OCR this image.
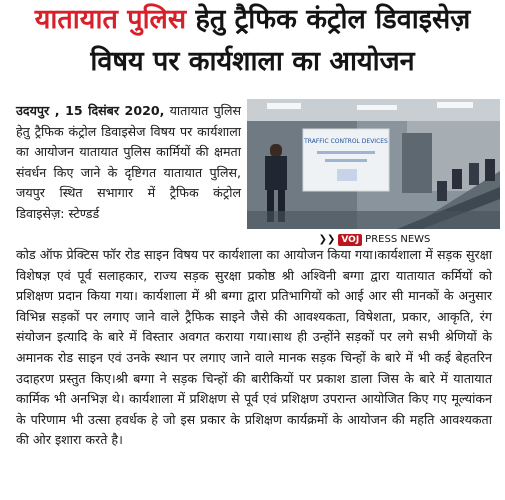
यातायात पुलिस हेतु ट्रैफिक कंट्रोल डिवाइसेज़
विषय पर कार्यशाला का आयोजन
TRAFFIC CONTROL DEVICES
❯❯ VOJ PRESS NEWS
उदयपुर , 15 दिसंबर 2020, यातायात पुलिस हेतु ट्रैफिक कंट्रोल डिवाइसेज विषय पर कार्यशाला का आयोजन यातायात पुलिस कार्मियों की क्षमता संवर्धन किए जाने के दृष्टिगत यातायात पुलिस, जयपुर स्थित सभागार में ट्रैफिक कंट्रोल डिवाइसेज़: स्टेण्डर्ड
कोड ऑफ प्रेक्टिस फॉर रोड साइन विषय पर कार्यशाला का आयोजन किया गया।कार्यशाला में सड़क सुरक्षा विशेषज्ञ एवं पूर्व सलाहकार, राज्य सड़क सुरक्षा प्रकोष्ठ श्री अश्विनी बग्गा द्वारा यातायात कर्मियों को प्रशिक्षण प्रदान किया गया। कार्यशाला में श्री बग्गा द्वारा प्रतिभागियों को आई आर सी मानकों के अनुसार विभिन्न सड़कों पर लगाए जाने वाले ट्रैफिक साइने जैसे की आवश्यकता, विषेशता, प्रकार, आकृति, रंग संयोजन इत्यादि के बारे में विस्तार अवगत कराया गया।साथ ही उन्होंने सड़कों पर लगे सभी श्रेणियों के अमानक रोड साइन एवं उनके स्थान पर लगाए जाने वाले मानक सड़क चिन्हों के बारे में भी कई बेहतरिन उदाहरण प्रस्तुत किए।श्री बग्गा ने सड़क चिन्हों की बारीकियों पर प्रकाश डाला जिस के बारे में यातायात कार्मिक भी अनभिज्ञ थे। कार्यशाला में प्रशिक्षण से पूर्व एवं प्रशिक्षण उपरान्त आयोजित किए गए मूल्यांकन के परिणाम भी उत्सा हवर्धक हे जो इस प्रकार के प्रशिक्षण कार्यक्रमों के आयोजन की महति आवश्यकता की ओर इशारा करते है।
